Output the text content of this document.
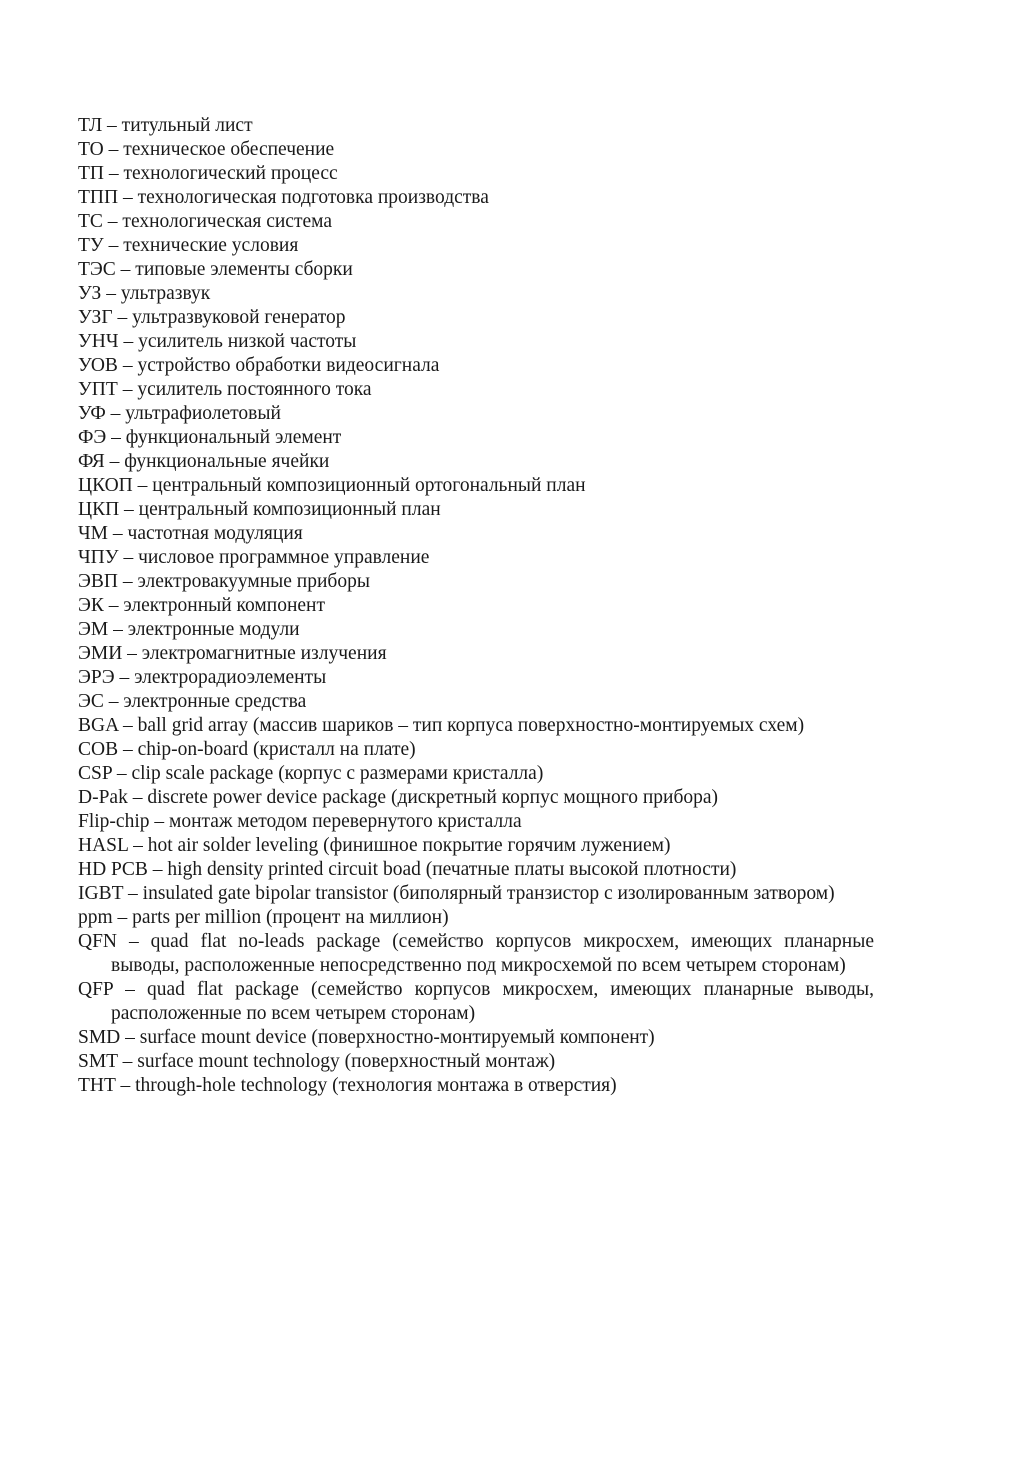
ТЛ – титульный лист

ТО – техническое обеспечение

ТП – технологический процесс

ТПП – технологическая подготовка производства

ТС – технологическая система

ТУ – технические условия

ТЭС – типовые элементы сборки

УЗ – ультразвук

УЗГ – ультразвуковой генератор

УНЧ – усилитель низкой частоты

УОВ – устройство обработки видеосигнала

УПТ – усилитель постоянного тока

УФ – ультрафиолетовый

ФЭ – функциональный элемент

ФЯ – функциональные ячейки

ЦКОП – центральный композиционный ортогональный план

ЦКП – центральный композиционный план

ЧМ – частотная модуляция

ЧПУ – числовое программное управление

ЭВП – электровакуумные приборы

ЭК – электронный компонент

ЭМ – электронные модули

ЭМИ – электромагнитные излучения

ЭРЭ – электрорадиоэлементы

ЭС – электронные средства

BGA – ball grid array (массив шариков – тип корпуса поверхностно-монтируемых схем)

COB – chip-on-board (кристалл на плате)

CSP – clip scale package (корпус с размерами кристалла)

D-Pak – discrete power device package (дискретный корпус мощного прибора)

Flip-chip – монтаж методом перевернутого кристалла

HASL – hot air solder leveling (финишное покрытие горячим лужением)

HD PCB – high density printed circuit boad (печатные платы высокой плотности)

IGBT – insulated gate bipolar transistor (биполярный транзистор с изолированным затвором)

ppm – parts per million (процент на миллион)

QFN – quad flat no-leads package (семейство корпусов микросхем, имеющих планарные выводы, расположенные непосредственно под микросхемой по всем четырем сторонам)

QFP – quad flat package (семейство корпусов микросхем, имеющих планарные выводы, расположенные по всем четырем сторонам)

SMD – surface mount device (поверхностно-монтируемый компонент)

SMT – surface mount technology (поверхностный монтаж)

THT – through-hole technology (технология монтажа в отверстия)
